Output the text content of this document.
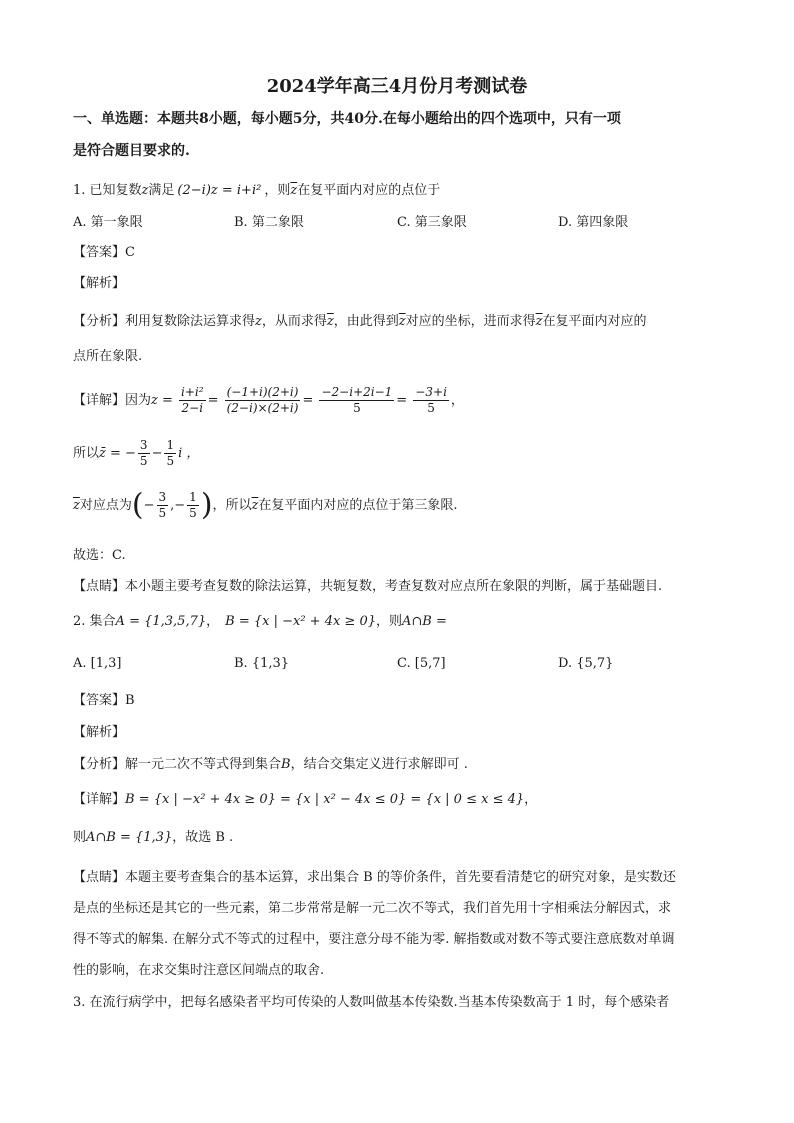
2024学年高三4月份月考测试卷
一、单选题：本题共8小题，每小题5分，共40分.在每小题给出的四个选项中，只有一项
是符合题目要求的.
1. 已知复数z满足 (2−i)z = i+i² ，则$\overline{z}$在复平面内对应的点位于
A. 第一象限	B. 第二象限	C. 第三象限	D. 第四象限
【答案】C
【解析】
【分析】利用复数除法运算求得z，从而求得$\overline{z}$，由此得到$\overline{z}$对应的坐标，进而求得$\overline{z}$在复平面内对应的
点所在象限.
【详解】因为$z = \frac{\text{i+i²}}{2-i} = \frac{(-1+i)(2+i)}{(2-i)\times(2+i)} = \frac{-2-i+2i-1}{5} = \frac{-3+i}{5}$ ，
所以z̄ = − $\frac{3}{5} - \frac{1}{5}$ i ，
$\overline{z}$对应点为(− $\frac{3}{5}$ ,− $\frac{1}{5}$ )，所以$\overline{z}$在复平面内对应的点位于第三象限.
故选：C.
【点睛】本小题主要考查复数的除法运算，共轭复数，考查复数对应点所在象限的判断，属于基础题目.
2. 集合A = {1,3,5,7}， B = {x | −x² + 4x ≥ 0}，则A∩B =
A. [1,3]	B. {1,3}	C. [5,7]	D. {5,7}
【答案】B
【解析】
【分析】解一元二次不等式得到集合B，结合交集定义进行求解即可 .
【详解】B = {x | −x² + 4x ≥ 0} = {x | x² − 4x ≤ 0} = {x | 0 ≤ x ≤ 4}，
则A∩B = {1,3}，故选 B .
【点睛】本题主要考查集合的基本运算，求出集合 B 的等价条件，首先要看清楚它的研究对象，是实数还
是点的坐标还是其它的一些元素，第二步常常是解一元二次不等式，我们首先用十字相乘法分解因式，求
得不等式的解集. 在解分式不等式的过程中，要注意分母不能为零. 解指数或对数不等式要注意底数对单调
性的影响，在求交集时注意区间端点的取舍.
3. 在流行病学中，把每名感染者平均可传染的人数叫做基本传染数.当基本传染数高于 1 时，每个感染者
